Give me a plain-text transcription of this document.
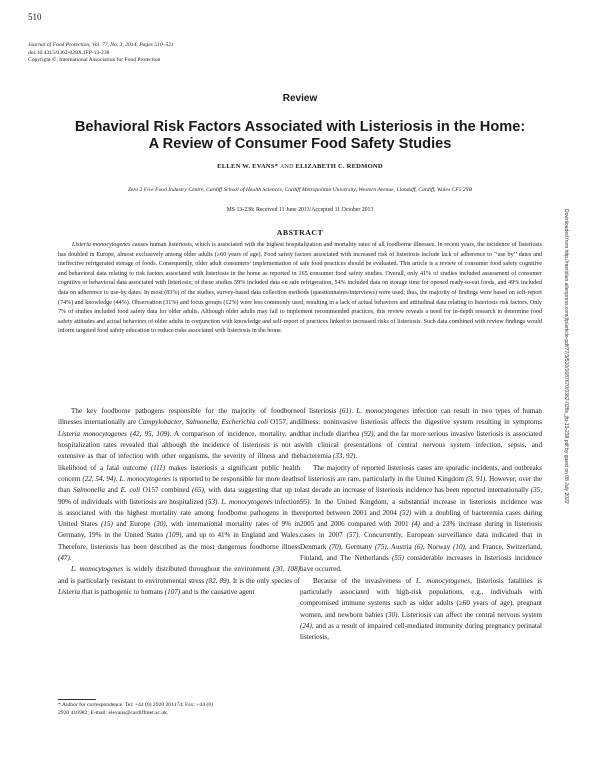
510
Journal of Food Protection, Vol. 77, No. 3, 2014, Pages 510–521
doi:10.4315/0362-028X.JFP-13-238
Copyright ©, International Association for Food Protection
Review
Behavioral Risk Factors Associated with Listeriosis in the Home:
A Review of Consumer Food Safety Studies
ELLEN W. EVANS* AND ELIZABETH C. REDMOND
Zero 2 Five Food Industry Centre, Cardiff School of Health Sciences, Cardiff Metropolitan University, Western Avenue, Llandaff, Cardiff, Wales CF5 2YB
MS 13-238: Received 11 June 2013/Accepted 11 October 2013
ABSTRACT

Listeria monocytogenes causes human listeriosis, which is associated with the highest hospitalization and mortality rates of all foodborne illnesses. In recent years, the incidence of listeriosis has doubled in Europe, almost exclusively among older adults (≥60 years of age). Food safety factors associated with increased risk of listeriosis include lack of adherence to ‘‘use by’’ dates and ineffective refrigerated storage of foods. Consequently, older adult consumers’ implementation of safe food practices should be evaluated. This article is a review of consumer food safety cognitive and behavioral data relating to risk factors associated with listeriosis in the home as reported in 165 consumer food safety studies. Overall, only 41% of studies included assessment of consumer cognitive or behavioral data associated with listeriosis; of these studies 59% included data on safe refrigeration, 54% included data on storage time for opened ready-to-eat foods, and 49% included data on adherence to use-by dates. In most (83%) of the studies, survey-based data collection methods (questionnaires/interviews) were used; thus, the majority of findings were based on self-report (74%) and knowledge (44%). Observation (31%) and focus groups (12%) were less commonly used, resulting in a lack of actual behaviors and attitudinal data relating to listeriosis risk factors. Only 7% of studies included food safety data for older adults. Although older adults may fail to implement recommended practices, this review reveals a need for in-depth research to determine food safety attitudes and actual behaviors of older adults in conjunction with knowledge and self-report of practices linked to increased risks of listeriosis. Such data combined with review findings would inform targeted food safety education to reduce risks associated with listeriosis in the home.

The key foodborne pathogens responsible for the majority of foodborne illnesses internationally are Campylobacter, Salmonella, Escherichia coli O157, and Listeria monocytogenes (42, 95, 109). A comparison of incidence, mortality, and hospitalization rates revealed that although the incidence of listeriosis is not as extensive as that of infection with other organisms, the severity of illness and the likelihood of a fatal outcome (111) makes listeriosis a significant public health concern (22, 54, 94). L. monocytogenes is reported to be responsible for more deaths than Salmonella and E. coli O157 combined (65), with data suggesting that up to 90% of individuals with listeriosis are hospitalized (53). L. monocytogenes infection is associated with the highest mortality rate among foodborne pathogens in the United States (15) and Europe (30), with international mortality rates of 9% in Germany, 19% in the United States (109), and up to 41% in England and Wales. Therefore, listeriosis has been described as the most dangerous foodborne illness (47).

L. monocytogenes is widely distributed throughout the environment (30, 108) and is particularly resistant to environmental stress (82, 89). It is the only species of Listeria that is pathogenic to humans (107) and is the causative agent

of listeriosis (61). L. monocytogenes infection can result in two types of human illness: noninvasive listeriosis affects the digestive system resulting in symptoms that include diarrhea (92), and the far more serious invasive listeriosis is associated with clinical presentations of central nervous system infection, sepsis, and bacteremia (33, 92).

The majority of reported listeriosis cases are sporadic incidents, and outbreaks of listeriosis are rare, particularly in the United Kingdom (3, 91). However, over the last decade an increase of listeriosis incidence has been reported internationally (35, 95). In the United Kingdom, a substantial increase in listeriosis incidence was reported between 2001 and 2004 (52) with a doubling of bacteremia cases during 2005 and 2006 compared with 2001 (4) and a 23% increase during in listeriosis cases in 2007 (57). Concurrently, European surveillance data indicated that in Denmark (70), Germany (75), Austria (6), Norway (10), and France, Switzerland, Finland, and The Netherlands (55) considerable increases in listeriosis incidence have occurred.

Because of the invasiveness of L. monocytogenes, listeriosis fatalities is particularly associated with high-risk populations, e.g., individuals with compromised immune systems such as older adults (≥60 years of age), pregnant women, and newborn babies (30). Listeriosis can affect the central nervous system (24), and as a result of impaired cell-mediated immunity during pregnancy perinatal listeriosis,

* Author for correspondence. Tel: +44 (0) 2920 201174; Fax: +44 (0)
2920 416982; E-mail: elevans@cardiffmet.ac.uk.
Downloaded from http://meridian.allenpress.com/jfp/article-pdf/77/3/510/1687670/0362-028x_jfp-13-238.pdf by guest on 08 July 2022
